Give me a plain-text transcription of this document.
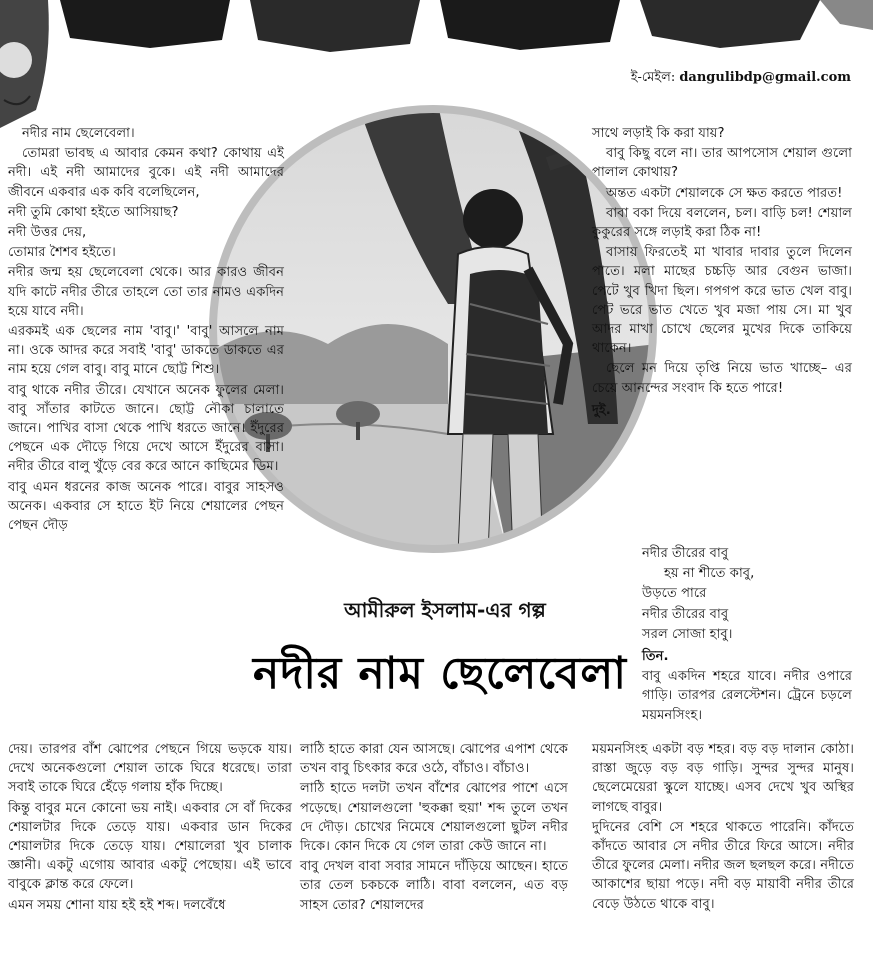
ই-মেইল: dangulibdp@gmail.com

নদীর নাম ছেলেবেলা।

তোমরা ভাবছ এ আবার কেমন কথা? কোথায় এই নদী। এই নদী আমাদের বুকে। এই নদী আমাদের জীবনে একবার এক কবি বলেছিলেন,

নদী তুমি কোথা হইতে আসিয়াছ?

নদী উত্তর দেয়,

তোমার শৈশব হইতে।

নদীর জন্ম হয় ছেলেবেলা থেকে। আর কারও জীবন যদি কাটে নদীর তীরে তাহলে তো তার নামও একদিন হয়ে যাবে নদী।

এরকমই এক ছেলের নাম 'বাবু।' 'বাবু' আসলে নাম না। ওকে আদর করে সবাই 'বাবু' ডাকতে ডাকতে এর নাম হয়ে গেল বাবু। বাবু মানে ছোট্ট শিশু।

বাবু থাকে নদীর তীরে। যেখানে অনেক ফুলের মেলা। বাবু সাঁতার কাটতে জানে। ছোট্ট নৌকা চালাতে জানে। পাখির বাসা থেকে পাখি ধরতে জানে। ইঁদুরের পেছনে এক দৌড়ে গিয়ে দেখে আসে ইঁদুরের বাসা। নদীর তীরে বালু খুঁড়ে বের করে আনে কাছিমের ডিম।

বাবু এমন ধরনের কাজ অনেক পারে। বাবুর সাহসও অনেক। একবার সে হাতে ইট নিয়ে শেয়ালের পেছন পেছন দৌড়

আমীরুল ইসলাম-এর গল্প
নদীর নাম ছেলেবেলা

দেয়। তারপর বাঁশ ঝোপের পেছনে গিয়ে ভড়কে যায়। দেখে অনেকগুলো শেয়াল তাকে ঘিরে ধরেছে। তারা সবাই তাকে ঘিরে হেঁড়ে গলায় হাঁক দিচ্ছে।

কিন্তু বাবুর মনে কোনো ভয় নাই। একবার সে বাঁ দিকের শেয়ালটার দিকে তেড়ে যায়। একবার ডান দিকের শেয়ালটার দিকে তেড়ে যায়। শেয়ালেরা খুব চালাক জ্ঞানী। একটু এগোয় আবার একটু পেছোয়। এই ভাবে বাবুকে ক্লান্ত করে ফেলে।

এমন সময় শোনা যায় হই হই শব্দ। দলবেঁধে

লাঠি হাতে কারা যেন আসছে। ঝোপের এপাশ থেকে তখন বাবু চিৎকার করে ওঠে, বাঁচাও। বাঁচাও।

লাঠি হাতে দলটা তখন বাঁশের ঝোপের পাশে এসে পড়েছে। শেয়ালগুলো 'হুকক্কা হুয়া' শব্দ তুলে তখন দে দৌড়। চোখের নিমেষে শেয়ালগুলো ছুটল নদীর দিকে। কোন দিকে যে গেল তারা কেউ জানে না।

বাবু দেখল বাবা সবার সামনে দাঁড়িয়ে আছেন। হাতে তার তেল চকচকে লাঠি। বাবা বললেন, এত বড় সাহস তোর? শেয়ালদের

সাথে লড়াই কি করা যায়?

বাবু কিছু বলে না। তার আপসোস শেয়াল গুলো পালাল কোথায়?

অন্তত একটা শেয়ালকে সে ক্ষত করতে পারত!

বাবা বকা দিয়ে বললেন, চল। বাড়ি চল! শেয়াল কুকুরের সঙ্গে লড়াই করা ঠিক না!

বাসায় ফিরতেই মা খাবার দাবার তুলে দিলেন পাতে। মলা মাছের চচ্চড়ি আর বেগুন ভাজা। পেটে খুব খিদা ছিল। গপগপ করে ভাত খেল বাবু। পেট ভরে ভাত খেতে খুব মজা পায় সে। মা খুব আদর মাখা চোখে ছেলের মুখের দিকে তাকিয়ে থাকেন।

ছেলে মন দিয়ে তৃপ্তি নিয়ে ভাত খাচ্ছে– এর চেয়ে আনন্দের সংবাদ কি হতে পারে!

দুই.

নদীর তীরের বাবু

হয় না শীতে কাবু,

উড়তে পারে

নদীর তীরের বাবু

সরল সোজা হাবু।

তিন.

বাবু একদিন শহরে যাবে। নদীর ওপারে গাড়ি। তারপর রেলস্টেশন। ট্রেনে চড়লে ময়মনসিংহ।

ময়মনসিংহ একটা বড় শহর। বড় বড় দালান কোঠা। রাস্তা জুড়ে বড় বড় গাড়ি। সুন্দর সুন্দর মানুষ। ছেলেমেয়েরা স্কুলে যাচ্ছে। এসব দেখে খুব অস্থির লাগছে বাবুর।

দুদিনের বেশি সে শহরে থাকতে পারেনি। কাঁদতে কাঁদতে আবার সে নদীর তীরে ফিরে আসে। নদীর তীরে ফুলের মেলা। নদীর জল ছলছল করে। নদীতে আকাশের ছায়া পড়ে। নদী বড় মায়াবী নদীর তীরে বেড়ে উঠতে থাকে বাবু।
